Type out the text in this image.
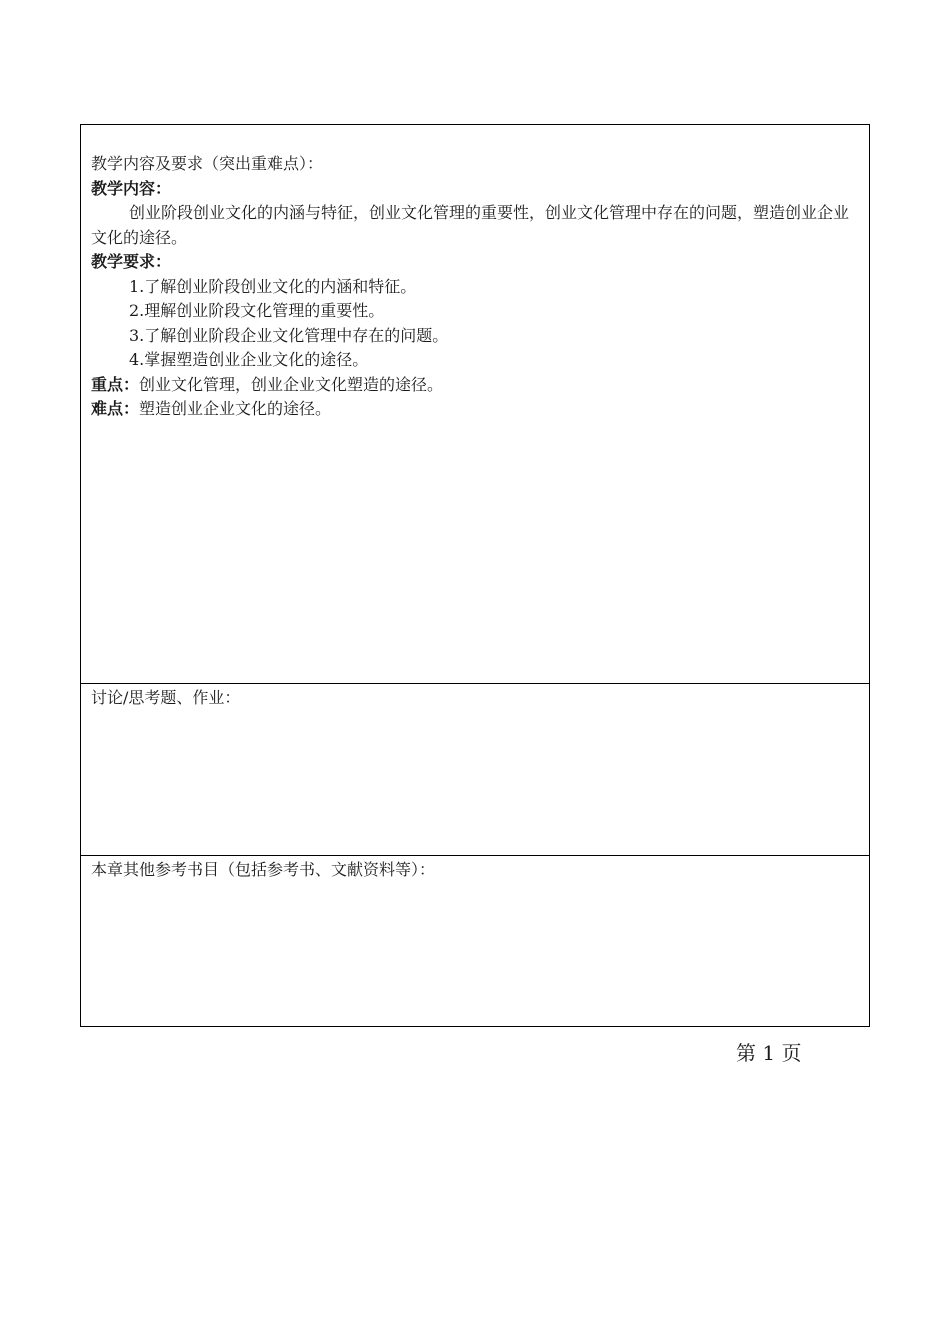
教学内容及要求（突出重难点）：

教学内容：

创业阶段创业文化的内涵与特征，创业文化管理的重要性，创业文化管理中存在的问题，塑造创业企业文化的途径。

教学要求：

1.了解创业阶段创业文化的内涵和特征。

2.理解创业阶段文化管理的重要性。

3.了解创业阶段企业文化管理中存在的问题。

4.掌握塑造创业企业文化的途径。

重点：创业文化管理，创业企业文化塑造的途径。

难点：塑造创业企业文化的途径。

讨论/思考题、作业：

本章其他参考书目（包括参考书、文献资料等）：

第 1 页
